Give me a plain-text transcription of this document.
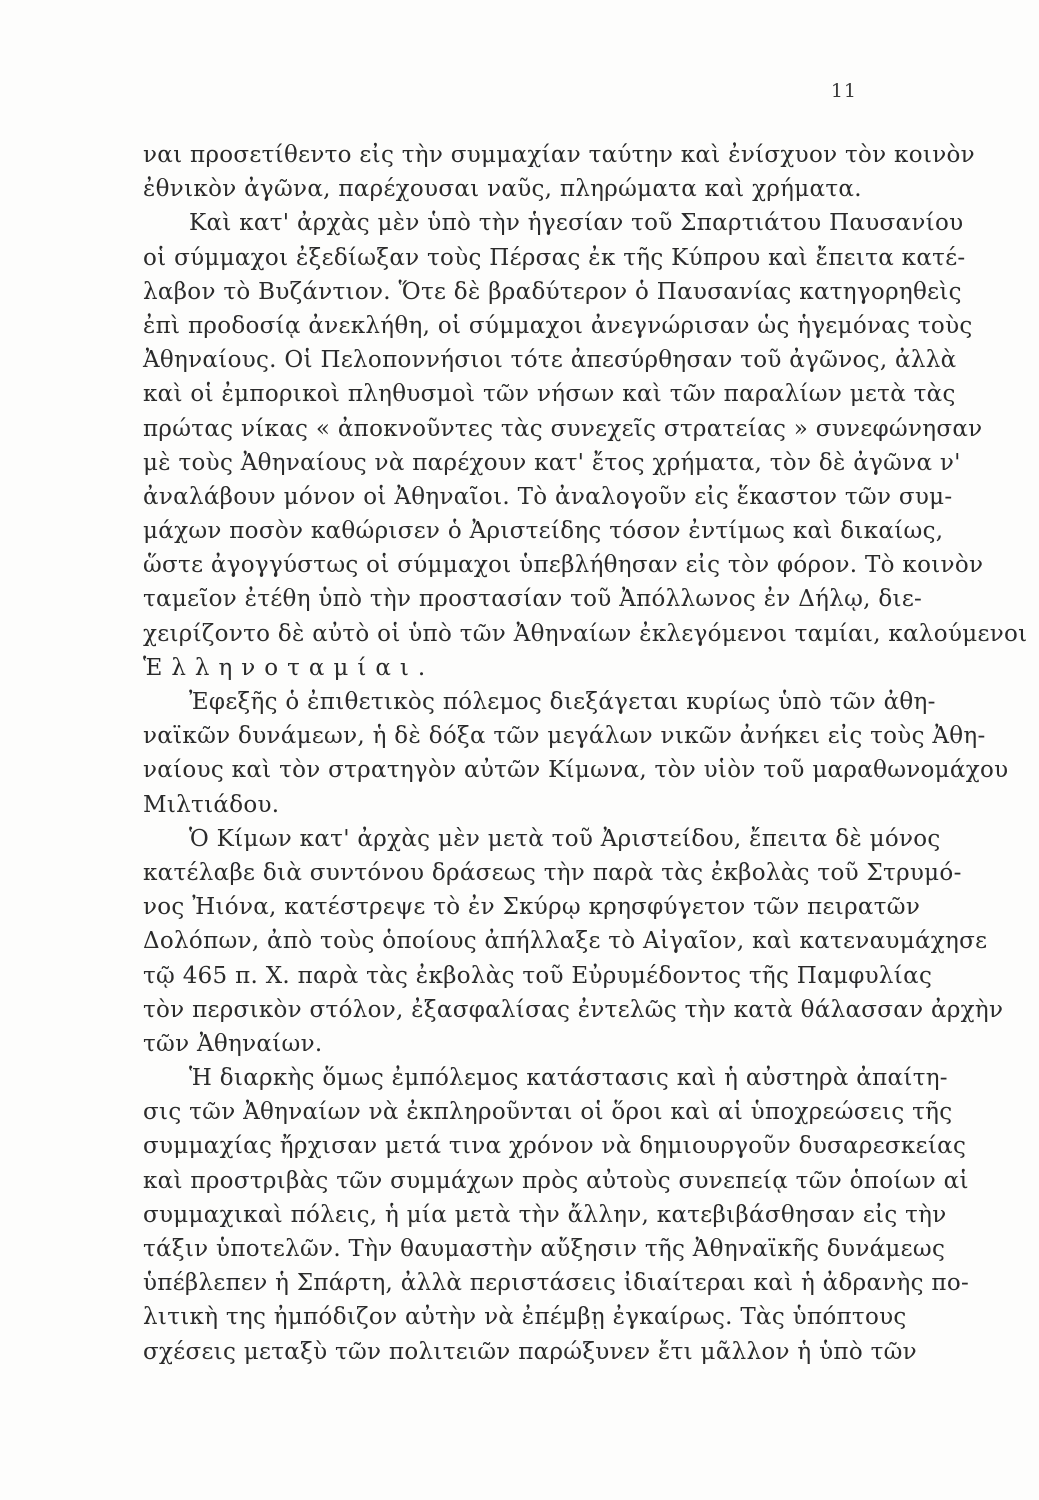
11
ναι προσετίθεντο εἰς τὴν συμμαχίαν ταύτην καὶ ἐνίσχυον τὸν κοινὸν
ἐθνικὸν ἀγῶνα, παρέχουσαι ναῦς, πληρώματα καὶ χρήματα.
Καὶ κατ' ἀρχὰς μὲν ὑπὸ τὴν ἡγεσίαν τοῦ Σπαρτιάτου Παυσανίου
οἱ σύμμαχοι ἐξεδίωξαν τοὺς Πέρσας ἐκ τῆς Κύπρου καὶ ἔπειτα κατέ-
λαβον τὸ Βυζάντιον. Ὅτε δὲ βραδύτερον ὁ Παυσανίας κατηγορηθεὶς
ἐπὶ προδοσίᾳ ἀνεκλήθη, οἱ σύμμαχοι ἀνεγνώρισαν ὡς ἡγεμόνας τοὺς
Ἀθηναίους. Οἱ Πελοποννήσιοι τότε ἀπεσύρθησαν τοῦ ἀγῶνος, ἀλλὰ
καὶ οἱ ἐμπορικοὶ πληθυσμοὶ τῶν νήσων καὶ τῶν παραλίων μετὰ τὰς
πρώτας νίκας « ἀποκνοῦντες τὰς συνεχεῖς στρατείας » συνεφώνησαν
μὲ τοὺς Ἀθηναίους νὰ παρέχουν κατ' ἔτος χρήματα, τὸν δὲ ἀγῶνα ν'
ἀναλάβουν μόνον οἱ Ἀθηναῖοι. Τὸ ἀναλογοῦν εἰς ἕκαστον τῶν συμ-
μάχων ποσὸν καθώρισεν ὁ Ἀριστείδης τόσον ἐντίμως καὶ δικαίως,
ὥστε ἀγογγύστως οἱ σύμμαχοι ὑπεβλήθησαν εἰς τὸν φόρον. Τὸ κοινὸν
ταμεῖον ἐτέθη ὑπὸ τὴν προστασίαν τοῦ Ἀπόλλωνος ἐν Δήλῳ, διε-
χειρίζοντο δὲ αὐτὸ οἱ ὑπὸ τῶν Ἀθηναίων ἐκλεγόμενοι ταμίαι, καλούμενοι
Ἑλληνοταμίαι.
Ἐφεξῆς ὁ ἐπιθετικὸς πόλεμος διεξάγεται κυρίως ὑπὸ τῶν ἀθη-
ναϊκῶν δυνάμεων, ἡ δὲ δόξα τῶν μεγάλων νικῶν ἀνήκει εἰς τοὺς Ἀθη-
ναίους καὶ τὸν στρατηγὸν αὐτῶν Κίμωνα, τὸν υἱὸν τοῦ μαραθωνομάχου
Μιλτιάδου.
Ὁ Κίμων κατ' ἀρχὰς μὲν μετὰ τοῦ Ἀριστείδου, ἔπειτα δὲ μόνος
κατέλαβε διὰ συντόνου δράσεως τὴν παρὰ τὰς ἐκβολὰς τοῦ Στρυμό-
νος Ἠιόνα, κατέστρεψε τὸ ἐν Σκύρῳ κρησφύγετον τῶν πειρατῶν
Δολόπων, ἀπὸ τοὺς ὁποίους ἀπήλλαξε τὸ Αἰγαῖον, καὶ κατεναυμάχησε
τῷ 465 π. Χ. παρὰ τὰς ἐκβολὰς τοῦ Εὐρυμέδοντος τῆς Παμφυλίας
τὸν περσικὸν στόλον, ἐξασφαλίσας ἐντελῶς τὴν κατὰ θάλασσαν ἀρχὴν
τῶν Ἀθηναίων.
Ἡ διαρκὴς ὅμως ἐμπόλεμος κατάστασις καὶ ἡ αὐστηρὰ ἀπαίτη-
σις τῶν Ἀθηναίων νὰ ἐκπληροῦνται οἱ ὅροι καὶ αἱ ὑποχρεώσεις τῆς
συμμαχίας ἤρχισαν μετά τινα χρόνον νὰ δημιουργοῦν δυσαρεσκείας
καὶ προστριβὰς τῶν συμμάχων πρὸς αὐτοὺς συνεπείᾳ τῶν ὁποίων αἱ
συμμαχικαὶ πόλεις, ἡ μία μετὰ τὴν ἄλλην, κατεβιβάσθησαν εἰς τὴν
τάξιν ὑποτελῶν. Τὴν θαυμαστὴν αὔξησιν τῆς Ἀθηναϊκῆς δυνάμεως
ὑπέβλεπεν ἡ Σπάρτη, ἀλλὰ περιστάσεις ἰδιαίτεραι καὶ ἡ ἀδρανὴς πο-
λιτικὴ της ἠμπόδιζον αὐτὴν νὰ ἐπέμβῃ ἐγκαίρως. Τὰς ὑπόπτους
σχέσεις μεταξὺ τῶν πολιτειῶν παρώξυνεν ἔτι μᾶλλον ἡ ὑπὸ τῶν
